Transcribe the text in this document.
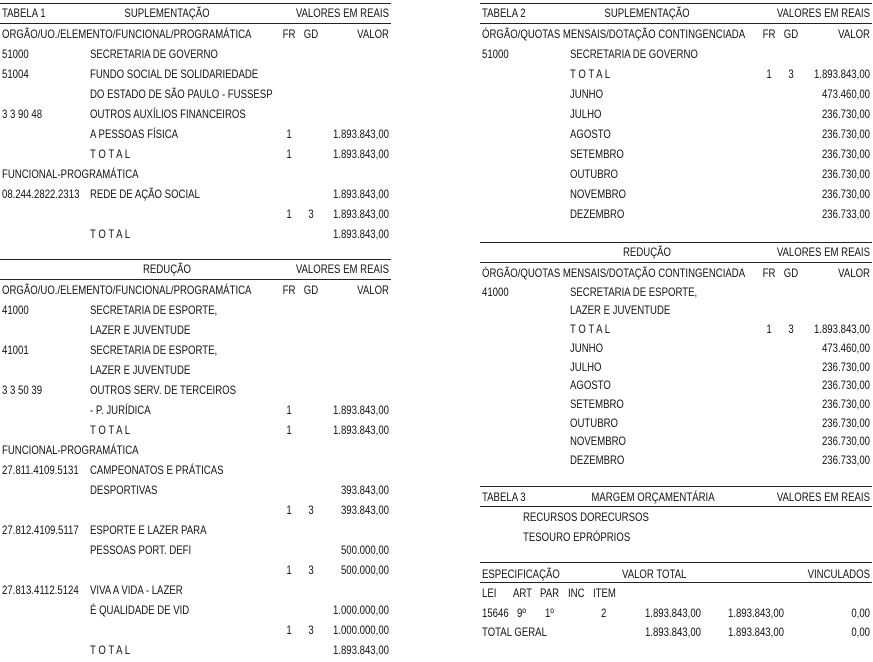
TABELA 1	SUPLEMENTAÇÃO	VALORES EM REAIS
ORGÃO/UO./ELEMENTO/FUNCIONAL/PROGRAMÁTICA	FR GD	VALOR
51000	SECRETARIA DE GOVERNO
51004	FUNDO SOCIAL DE SOLIDARIEDADE
DO ESTADO DE SÃO PAULO - FUSSESP
3 3 90 48	OUTROS AUXÍLIOS FINANCEIROS
A PESSOAS FÍSICA	1	1.893.843,00
T O T A L	1	1.893.843,00
FUNCIONAL-PROGRAMÁTICA
08.244.2822.2313 REDE DE AÇÃO SOCIAL	1.893.843,00
1	3	1.893.843,00
T O T A L	1.893.843,00
REDUÇÃO	VALORES EM REAIS
ORGÃO/UO./ELEMENTO/FUNCIONAL/PROGRAMÁTICA	FR GD	VALOR
41000	SECRETARIA DE ESPORTE,
LAZER E JUVENTUDE
41001	SECRETARIA DE ESPORTE,
LAZER E JUVENTUDE
3 3 50 39	OUTROS SERV. DE TERCEIROS
- P. JURÍDICA	1	1.893.843,00
T O T A L	1	1.893.843,00
FUNCIONAL-PROGRAMÁTICA
27.811.4109.5131 CAMPEONATOS E PRÁTICAS
DESPORTIVAS	393.843,00
1	3	393.843,00
27.812.4109.5117 ESPORTE E LAZER PARA
PESSOAS PORT. DEFI	500.000,00
1	3	500.000,00
27.813.4112.5124 VIVA A VIDA - LAZER
É QUALIDADE DE VID	1.000.000,00
1	3	1.000.000,00
T O T A L	1.893.843,00
TABELA 2	SUPLEMENTAÇÃO	VALORES EM REAIS
ÓRGÃO/QUOTAS MENSAIS/DOTAÇÃO CONTINGENCIADA	FR GD	VALOR
51000	SECRETARIA DE GOVERNO
T O T A L	1	3	1.893.843,00
JUNHO	473.460,00
JULHO	236.730,00
AGOSTO	236.730,00
SETEMBRO	236.730,00
OUTUBRO	236.730,00
NOVEMBRO	236.730,00
DEZEMBRO	236.733,00
REDUÇÃO	VALORES EM REAIS
ÓRGÃO/QUOTAS MENSAIS/DOTAÇÃO CONTINGENCIADA	FR GD	VALOR
41000	SECRETARIA DE ESPORTE,
LAZER E JUVENTUDE
T O T A L	1	3	1.893.843,00
JUNHO	473.460,00
JULHO	236.730,00
AGOSTO	236.730,00
SETEMBRO	236.730,00
OUTUBRO	236.730,00
NOVEMBRO	236.730,00
DEZEMBRO	236.733,00
TABELA 3	MARGEM ORÇAMENTÁRIA	VALORES EM REAIS
RECURSOS DORECURSOS
TESOURO EPRÓPRIOS
ESPECIFICAÇÃO	VALOR TOTAL	VINCULADOS
LEI	ART PAR INC ITEM
15646 9º	1º	2	1.893.843,00	1.893.843,00	0,00
TOTAL GERAL	1.893.843,00	1.893.843,00	0,00
